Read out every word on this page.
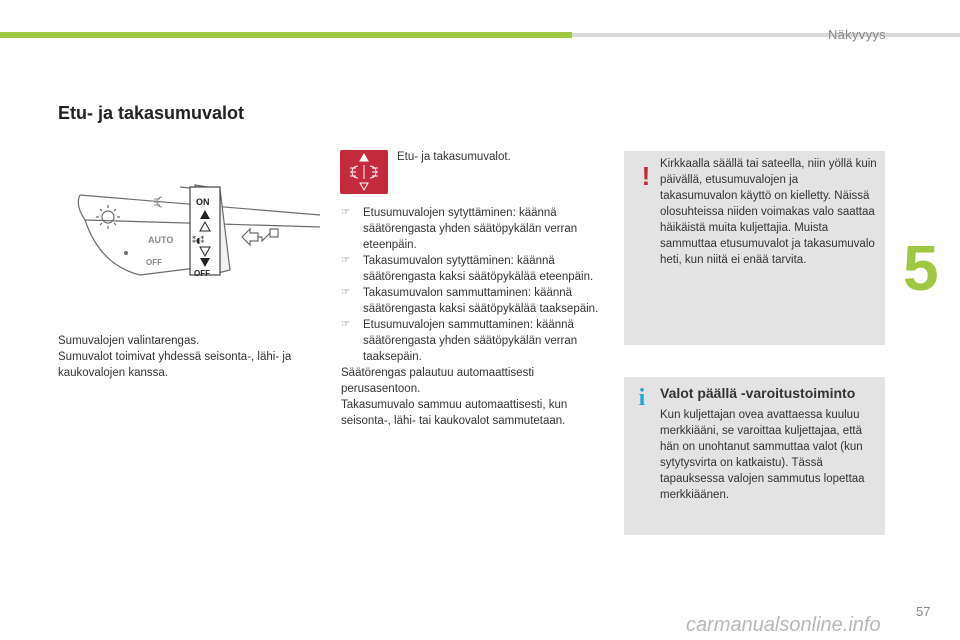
Näkyvyys
5
Etu- ja takasumuvalot
AUTO
OFF
ON
⁑◖⁑
OFF

Sumuvalojen valintarengas.

Sumuvalot toimivat yhdessä seisonta-, lähi- ja kaukovalojen kanssa.

Etu- ja takasumuvalot.
☞ Etusumuvalojen sytyttäminen: käännä säätörengasta yhden säätöpykälän verran eteenpäin.
☞ Takasumuvalon sytyttäminen: käännä säätörengasta kaksi säätöpykälää eteenpäin.
☞ Takasumuvalon sammuttaminen: käännä säätörengasta kaksi säätöpykälää taaksepäin.
☞ Etusumuvalojen sammuttaminen: käännä säätörengasta yhden säätöpykälän verran taaksepäin.

Säätörengas palautuu automaattisesti perusasentoon.

Takasumuvalo sammuu automaattisesti, kun seisonta-, lähi- tai kaukovalot sammutetaan.

! Kirkkaalla säällä tai sateella, niin yöllä kuin päivällä, etusumuvalojen ja takasumuvalon käyttö on kielletty. Näissä olosuhteissa niiden voimakas valo saattaa häikäistä muita kuljettajia. Muista sammuttaa etusumuvalot ja takasumuvalo heti, kun niitä ei enää tarvita.
i	Valot päällä -varoitustoiminto
Kun kuljettajan ovea avattaessa kuuluu merkkiääni, se varoittaa kuljettajaa, että hän on unohtanut sammuttaa valot (kun sytytysvirta on katkaistu). Tässä tapauksessa valojen sammutus lopettaa merkkiäänen.
carmanualsonline.info
57
